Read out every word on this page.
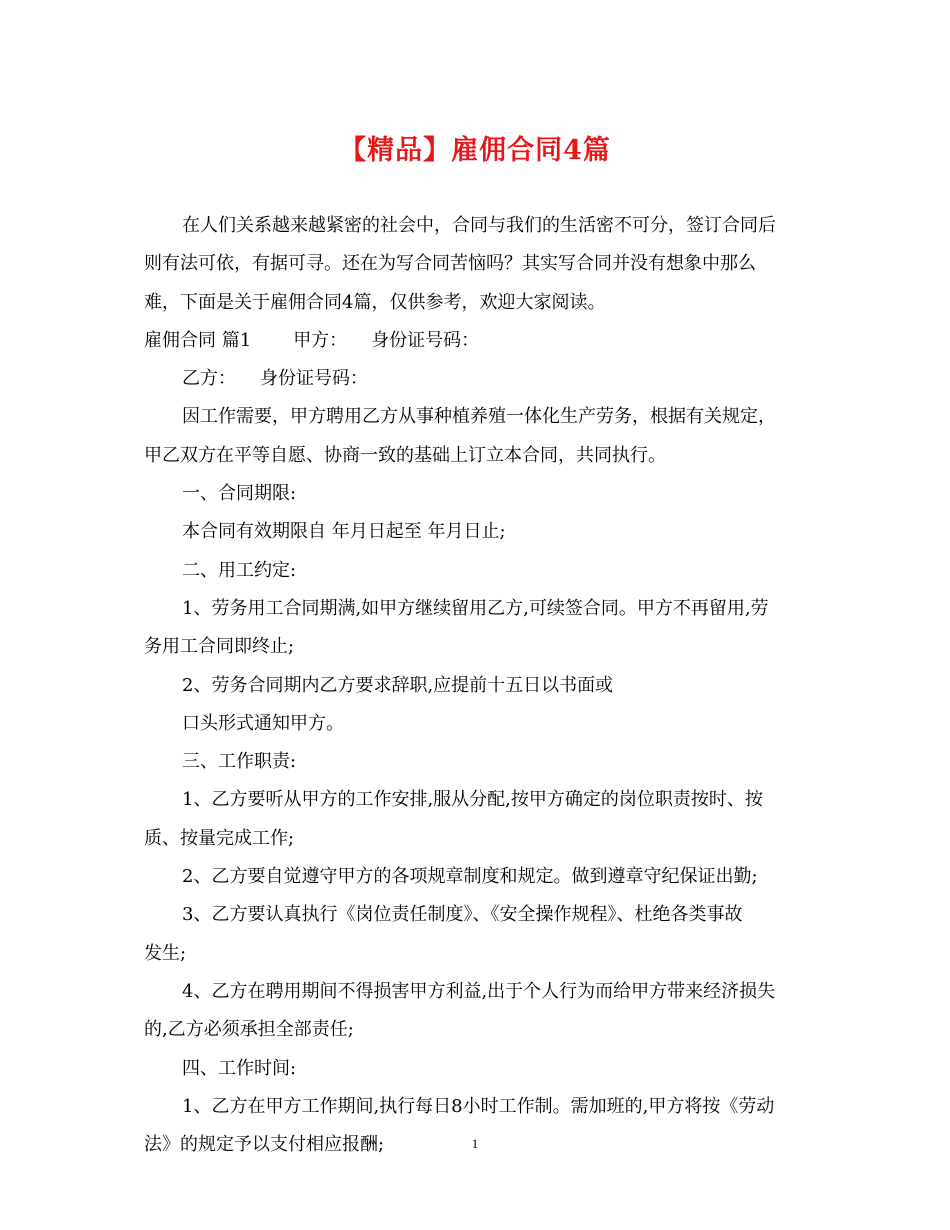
【精品】雇佣合同4篇
在人们关系越来越紧密的社会中，合同与我们的生活密不可分，签订合同后
则有法可依，有据可寻。还在为写合同苦恼吗？其实写合同并没有想象中那么
难，下面是关于雇佣合同4篇，仅供参考，欢迎大家阅读。
雇佣合同 篇1 甲方： 身份证号码：
乙方： 身份证号码：
因工作需要，甲方聘用乙方从事种植养殖一体化生产劳务，根据有关规定，
甲乙双方在平等自愿、协商一致的基础上订立本合同，共同执行。
一、合同期限:
本合同有效期限自 年月日起至 年月日止;
二、用工约定:
1、劳务用工合同期满,如甲方继续留用乙方,可续签合同。甲方不再留用,劳
务用工合同即终止;
2、劳务合同期内乙方要求辞职,应提前十五日以书面或
口头形式通知甲方。
三、工作职责:
1、乙方要听从甲方的工作安排,服从分配,按甲方确定的岗位职责按时、按
质、按量完成工作;
2、乙方要自觉遵守甲方的各项规章制度和规定。做到遵章守纪保证出勤;
3、乙方要认真执行《岗位责任制度》、《安全操作规程》、杜绝各类事故
发生;
4、乙方在聘用期间不得损害甲方利益,出于个人行为而给甲方带来经济损失
的,乙方必须承担全部责任;
四、工作时间:
1、乙方在甲方工作期间,执行每日8小时工作制。需加班的,甲方将按《劳动
法》的规定予以支付相应报酬;	1
